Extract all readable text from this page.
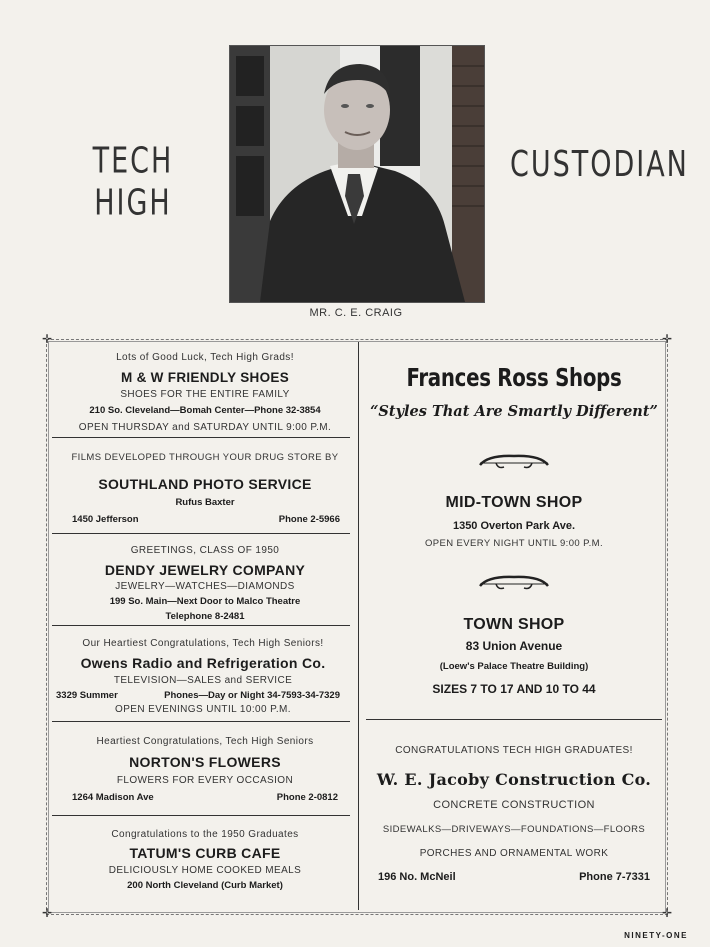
TECH HIGH
CUSTODIAN
MR. C. E. CRAIG
✛	✛
✛	✛
Lots of Good Luck, Tech High Grads!
M & W FRIENDLY SHOES
SHOES FOR THE ENTIRE FAMILY
210 So. Cleveland—Bomah Center—Phone 32-3854
OPEN THURSDAY and SATURDAY UNTIL 9:00 P.M.
FILMS DEVELOPED THROUGH YOUR DRUG STORE BY
SOUTHLAND PHOTO SERVICE
Rufus Baxter
1450 Jefferson	Phone 2-5966
GREETINGS, CLASS OF 1950
DENDY JEWELRY COMPANY
JEWELRY—WATCHES—DIAMONDS
199 So. Main—Next Door to Malco Theatre
Telephone 8-2481
Our Heartiest Congratulations, Tech High Seniors!
Owens Radio and Refrigeration Co.
TELEVISION—SALES and SERVICE
3329 Summer	Phones—Day or Night 34-7593-34-7329
OPEN EVENINGS UNTIL 10:00 P.M.
Heartiest Congratulations, Tech High Seniors
NORTON'S FLOWERS
FLOWERS FOR EVERY OCCASION
1264 Madison Ave	Phone 2-0812
Congratulations to the 1950 Graduates
TATUM'S CURB CAFE
DELICIOUSLY HOME COOKED MEALS
200 North Cleveland (Curb Market)
Frances Ross Shops
“Styles That Are Smartly Different”
MID-TOWN SHOP
1350 Overton Park Ave.
OPEN EVERY NIGHT UNTIL 9:00 P.M.
TOWN SHOP
83 Union Avenue
(Loew's Palace Theatre Building)
SIZES 7 TO 17 AND 10 TO 44
CONGRATULATIONS TECH HIGH GRADUATES!
W. E. Jacoby Construction Co.
CONCRETE CONSTRUCTION
SIDEWALKS—DRIVEWAYS—FOUNDATIONS—FLOORS
PORCHES AND ORNAMENTAL WORK
196 No. McNeil	Phone 7-7331
NINETY-ONE
